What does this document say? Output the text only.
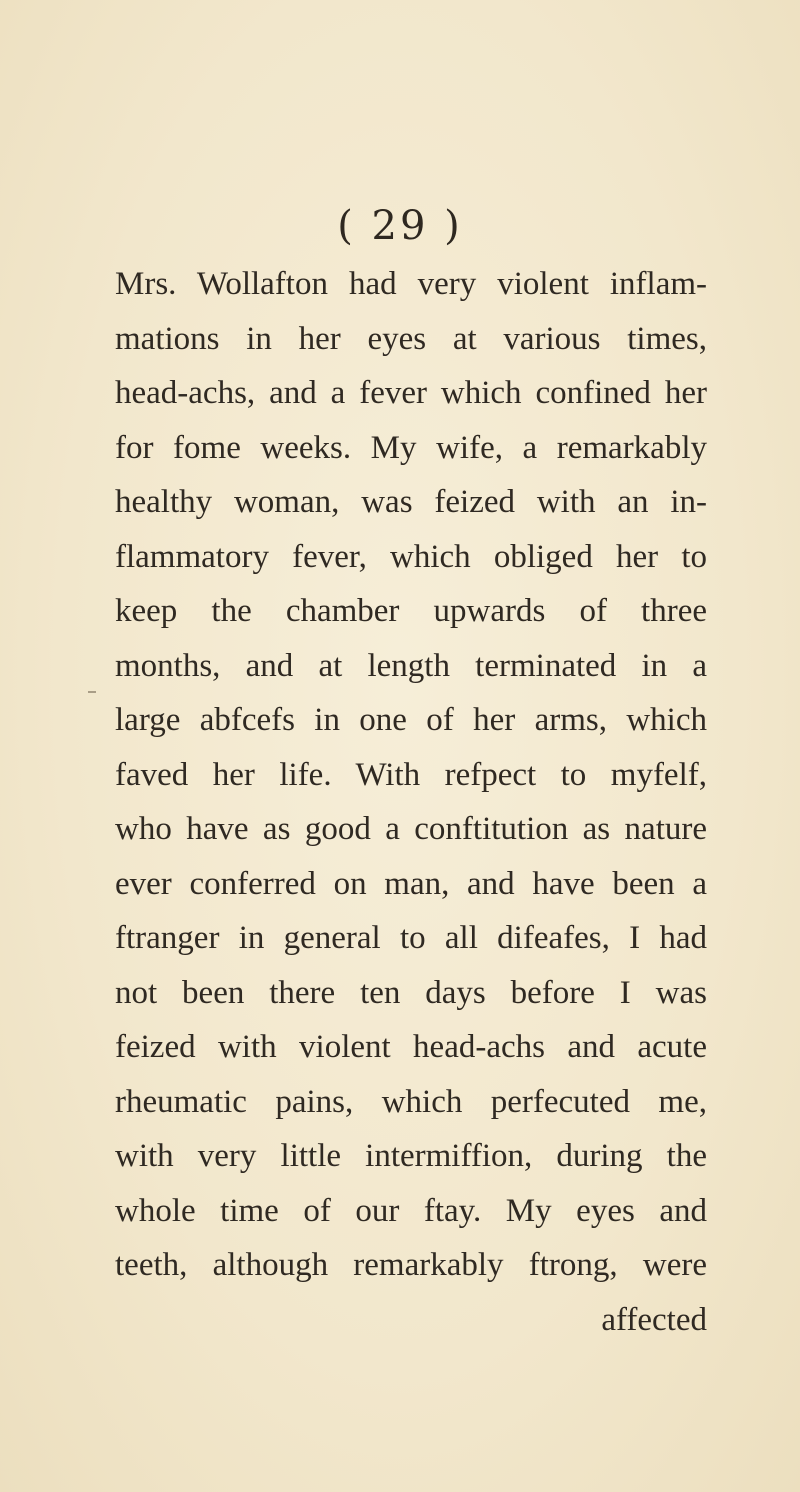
( 29 )
Mrs. Wollafton had very violent inflam-
mations in her eyes at various times,
head-achs, and a fever which confined her
for fome weeks. My wife, a remarkably
healthy woman, was feized with an in-
flammatory fever, which obliged her to
keep the chamber upwards of three
months, and at length terminated in a
large abfcefs in one of her arms, which
faved her life. With refpect to myfelf,
who have as good a conftitution as nature
ever conferred on man, and have been a
ftranger in general to all difeafes, I had
not been there ten days before I was
feized with violent head-achs and acute
rheumatic pains, which perfecuted me,
with very little intermiffion, during the
whole time of our ftay. My eyes and
teeth, although remarkably ftrong, were
affected
